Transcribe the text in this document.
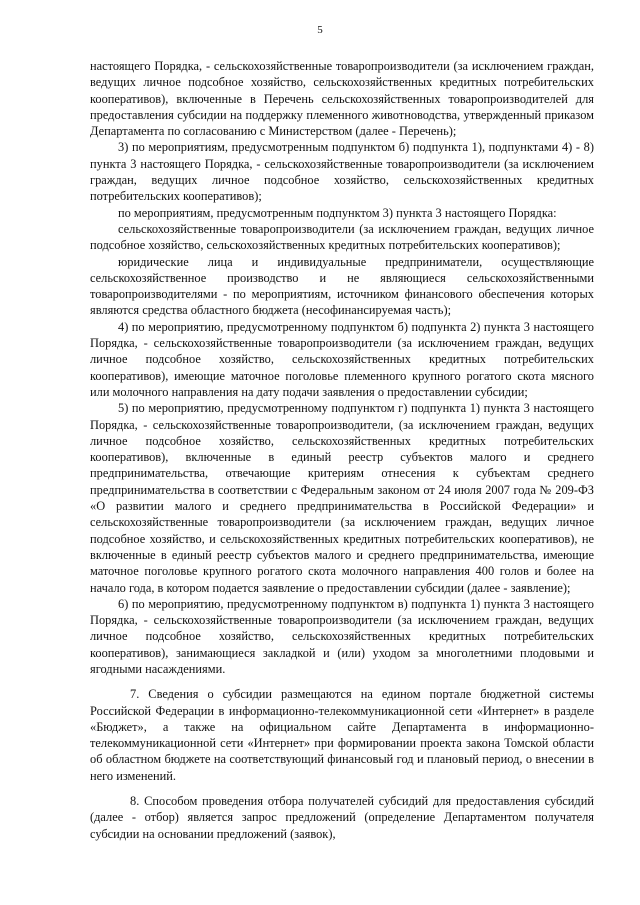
5

настоящего Порядка, - сельскохозяйственные товаропроизводители (за исключением граждан, ведущих личное подсобное хозяйство, сельскохозяйственных кредитных потребительских кооперативов), включенные в Перечень сельскохозяйственных товаропроизводителей для предоставления субсидии на поддержку племенного животноводства, утвержденный приказом Департамента по согласованию с Министерством (далее - Перечень);

3) по мероприятиям, предусмотренным подпунктом б) подпункта 1), подпунктами 4) - 8) пункта 3 настоящего Порядка, - сельскохозяйственные товаропроизводители (за исключением граждан, ведущих личное подсобное хозяйство, сельскохозяйственных кредитных потребительских кооперативов);

по мероприятиям, предусмотренным подпунктом 3) пункта 3 настоящего Порядка:

сельскохозяйственные товаропроизводители (за исключением граждан, ведущих личное подсобное хозяйство, сельскохозяйственных кредитных потребительских кооперативов);

юридические лица и индивидуальные предприниматели, осуществляющие сельскохозяйственное производство и не являющиеся сельскохозяйственными товаропроизводителями - по мероприятиям, источником финансового обеспечения которых являются средства областного бюджета (несофинансируемая часть);

4) по мероприятию, предусмотренному подпунктом б) подпункта 2) пункта 3 настоящего Порядка, - сельскохозяйственные товаропроизводители (за исключением граждан, ведущих личное подсобное хозяйство, сельскохозяйственных кредитных потребительских кооперативов), имеющие маточное поголовье племенного крупного рогатого скота мясного или молочного направления на дату подачи заявления о предоставлении субсидии;

5) по мероприятию, предусмотренному подпунктом г) подпункта 1) пункта 3 настоящего Порядка, - сельскохозяйственные товаропроизводители, (за исключением граждан, ведущих личное подсобное хозяйство, сельскохозяйственных кредитных потребительских кооперативов), включенные в единый реестр субъектов малого и среднего предпринимательства, отвечающие критериям отнесения к субъектам среднего предпринимательства в соответствии с Федеральным законом от 24 июля 2007 года № 209-ФЗ «О развитии малого и среднего предпринимательства в Российской Федерации» и сельскохозяйственные товаропроизводители (за исключением граждан, ведущих личное подсобное хозяйство, и сельскохозяйственных кредитных потребительских кооперативов), не включенные в единый реестр субъектов малого и среднего предпринимательства, имеющие маточное поголовье крупного рогатого скота молочного направления 400 голов и более на начало года, в котором подается заявление о предоставлении субсидии (далее - заявление);

6) по мероприятию, предусмотренному подпунктом в) подпункта 1) пункта 3 настоящего Порядка, - сельскохозяйственные товаропроизводители (за исключением граждан, ведущих личное подсобное хозяйство, сельскохозяйственных кредитных потребительских кооперативов), занимающиеся закладкой и (или) уходом за многолетними плодовыми и ягодными насаждениями.

7. Сведения о субсидии размещаются на едином портале бюджетной системы Российской Федерации в информационно-телекоммуникационной сети «Интернет» в разделе «Бюджет», а также на официальном сайте Департамента в информационно-телекоммуникационной сети «Интернет» при формировании проекта закона Томской области об областном бюджете на соответствующий финансовый год и плановый период, о внесении в него изменений.

8. Способом проведения отбора получателей субсидий для предоставления субсидий (далее - отбор) является запрос предложений (определение Департаментом получателя субсидии на основании предложений (заявок),
